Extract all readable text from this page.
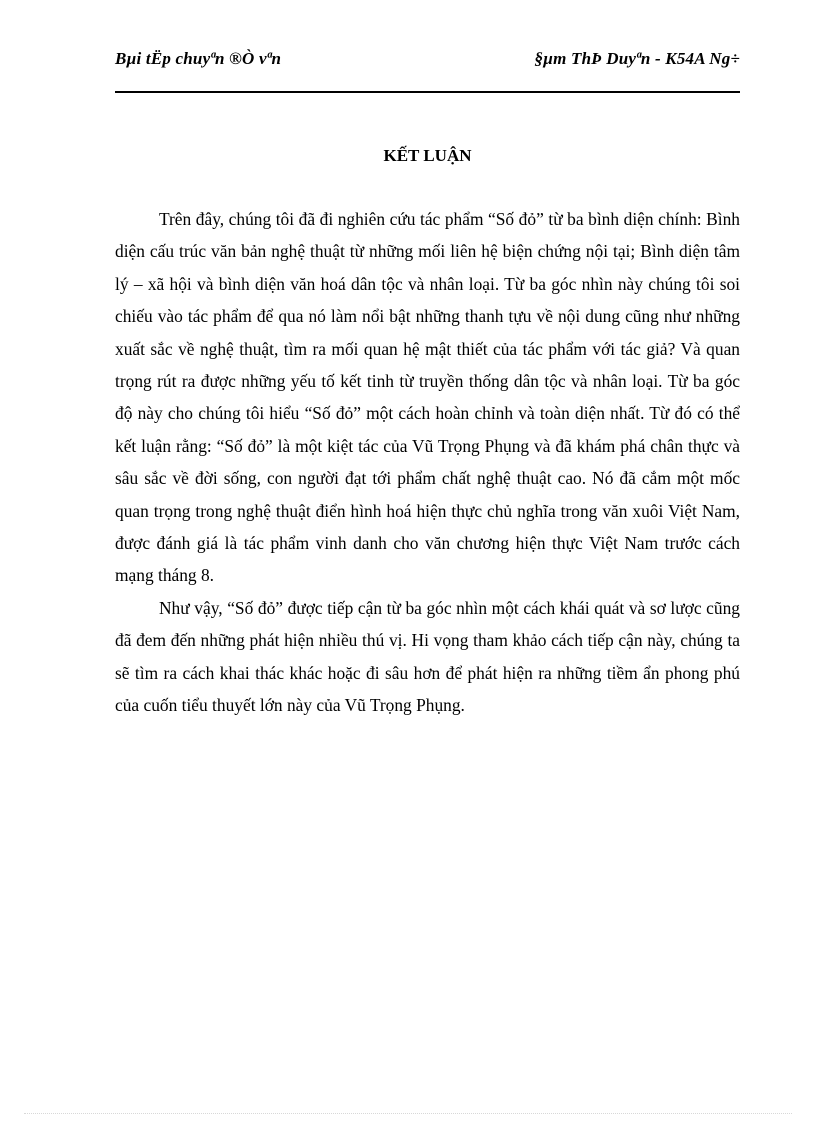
Bµi tËp chuyªn ®Ò vªn	§µm ThÞ Duyªn - K54A Ng÷
KẾT LUẬN

Trên đây, chúng tôi đã đi nghiên cứu tác phẩm “Số đỏ” từ ba bình diện chính: Bình diện cấu trúc văn bản nghệ thuật từ những mối liên hệ biện chứng nội tại; Bình diện tâm lý – xã hội và bình diện văn hoá dân tộc và nhân loại. Từ ba góc nhìn này chúng tôi soi chiếu vào tác phẩm để qua nó làm nổi bật những thanh tựu về nội dung cũng như những xuất sắc về nghệ thuật, tìm ra mối quan hệ mật thiết của tác phẩm với tác giả? Và quan trọng rút ra được những yếu tố kết tinh từ truyền thống dân tộc và nhân loại. Từ ba góc độ này cho chúng tôi hiểu “Số đỏ” một cách hoàn chỉnh và toàn diện nhất. Từ đó có thể kết luận rằng: “Số đỏ” là một kiệt tác của Vũ Trọng Phụng và đã khám phá chân thực và sâu sắc về đời sống, con người đạt tới phẩm chất nghệ thuật cao. Nó đã cắm một mốc quan trọng trong nghệ thuật điển hình hoá hiện thực chủ nghĩa trong văn xuôi Việt Nam, được đánh giá là tác phẩm vinh danh cho văn chương hiện thực Việt Nam trước cách mạng tháng 8.

Như vậy, “Số đỏ” được tiếp cận từ ba góc nhìn một cách khái quát và sơ lược cũng đã đem đến những phát hiện nhiều thú vị. Hi vọng tham khảo cách tiếp cận này, chúng ta sẽ tìm ra cách khai thác khác hoặc đi sâu hơn để phát hiện ra những tiềm ẩn phong phú của cuốn tiểu thuyết lớn này của Vũ Trọng Phụng.
